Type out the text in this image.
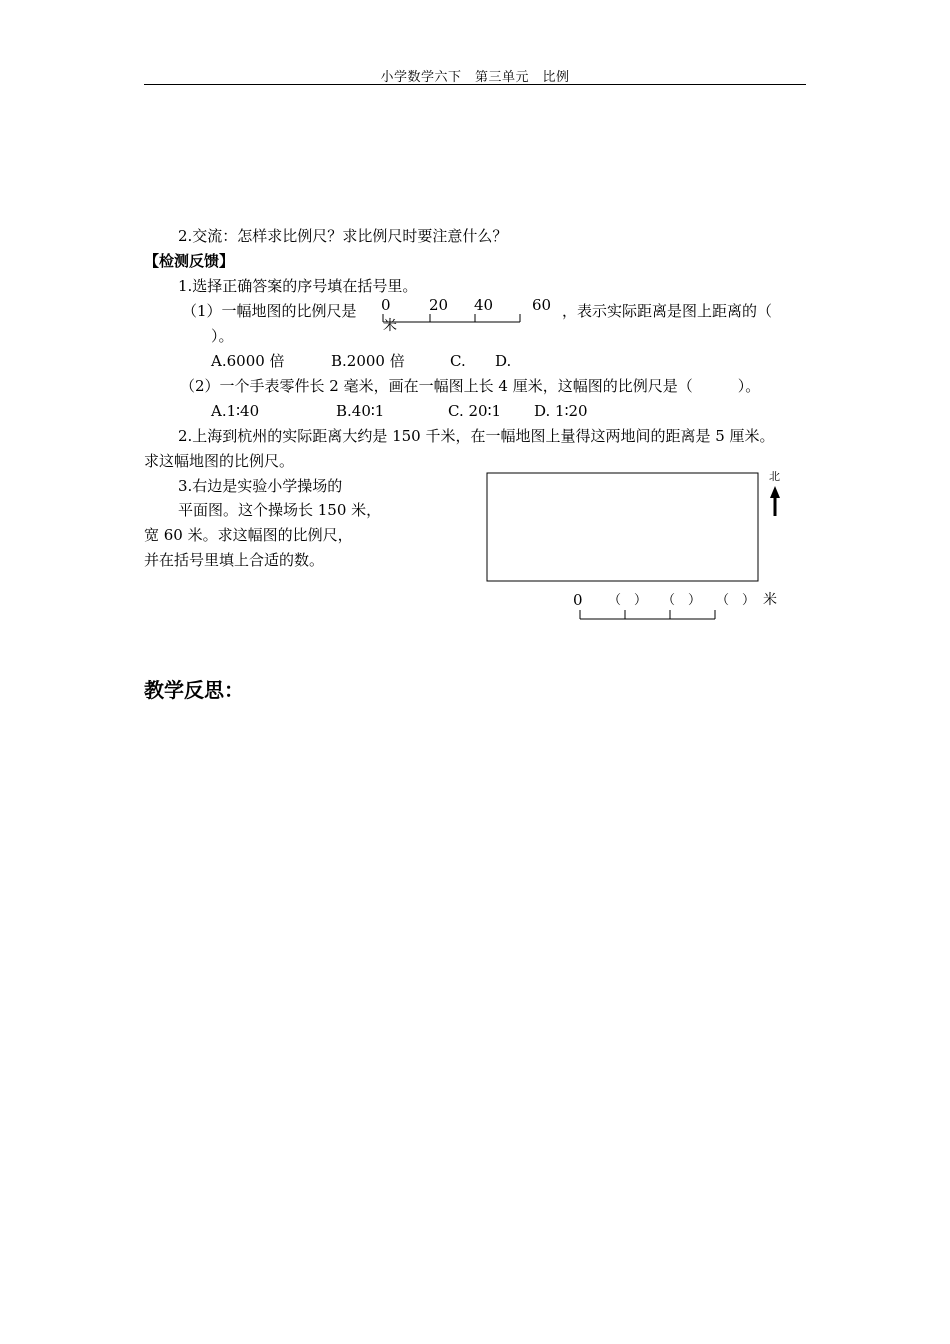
小学数学六下　第三单元　比例
2.交流：怎样求比例尺？求比例尺时要注意什么？
【检测反馈】
1.选择正确答案的序号填在括号里。
（1）一幅地图的比例尺是 0	20 40	60
米
，表示实际距离是图上距离的（
）。
A.6000 倍	B.2000 倍	C. D.
（2）一个手表零件长 2 毫米，画在一幅图上长 4 厘米，这幅图的比例尺是（　　　）。
A.1∶40	B.40∶1	C. 20∶1 D. 1∶20
2.上海到杭州的实际距离大约是 150 千米，在一幅地图上量得这两地间的距离是 5 厘米。
求这幅地图的比例尺。
3.右边是实验小学操场的
平面图。这个操场长 150 米，
宽 60 米。求这幅图的比例尺，
并在括号里填上合适的数。
北
0 （　） （　） （　） 米
教学反思：
